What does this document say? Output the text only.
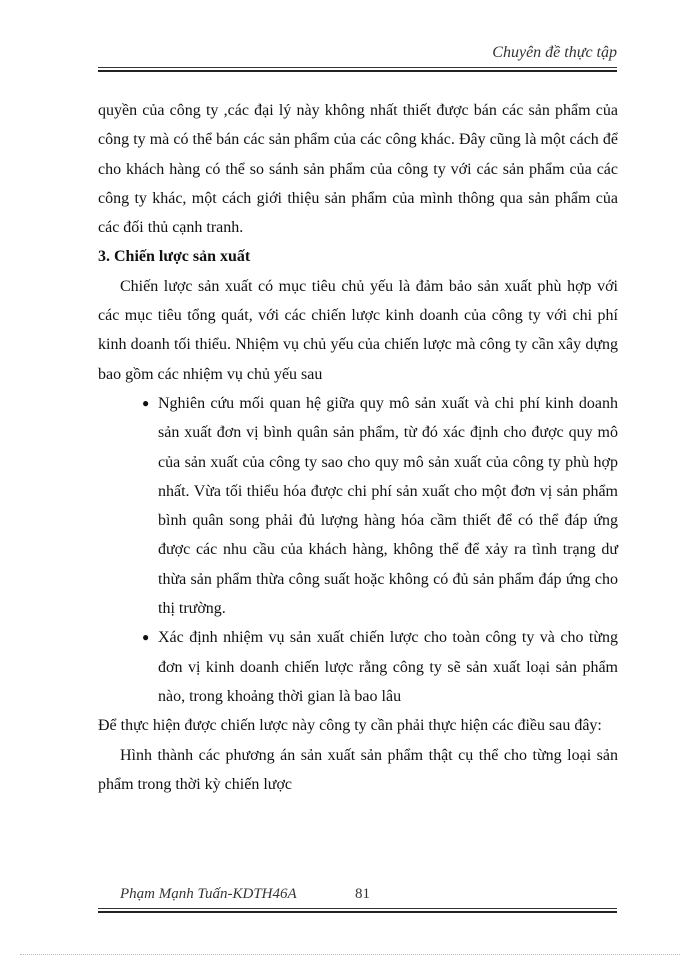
Chuyên đề thực tập

quyền của công ty ,các đại lý này không nhất thiết được bán các sản phẩm của công ty mà có thể bán các sản phẩm của các công khác. Đây cũng là một cách để cho khách hàng có thể so sánh sản phẩm của công ty với các sản phẩm của các công ty khác, một cách giới thiệu sản phẩm của mình thông qua sản phẩm của các đối thủ cạnh tranh.

3. Chiến lược sản xuất

Chiến lược sản xuất có mục tiêu chủ yếu là đảm bảo sản xuất phù hợp với các mục tiêu tổng quát, với các chiến lược kinh doanh của công ty với chi phí kinh doanh tối thiểu. Nhiệm vụ chủ yếu của chiến lược mà công ty cần xây dựng bao gồm các nhiệm vụ chủ yếu sau

● Nghiên cứu mối quan hệ giữa quy mô sản xuất và chi phí kinh doanh sản xuất đơn vị bình quân sản phẩm, từ đó xác định cho được quy mô của sản xuất của công ty sao cho quy mô sản xuất của công ty phù hợp nhất. Vừa tối thiểu hóa được chi phí sản xuất cho một đơn vị sản phẩm bình quân song phải đủ lượng hàng hóa cầm thiết để có thể đáp ứng được các nhu cầu của khách hàng, không thể để xảy ra tình trạng dư thừa sản phẩm thừa công suất hoặc không có đủ sản phẩm đáp ứng cho thị trường.
● Xác định nhiệm vụ sản xuất chiến lược cho toàn công ty và cho từng đơn vị kinh doanh chiến lược rằng công ty sẽ sản xuất loại sản phẩm nào, trong khoảng thời gian là bao lâu

Để thực hiện được chiến lược này công ty cần phải thực hiện các điều sau đây:

Hình thành các phương án sản xuất sản phẩm thật cụ thể cho từng loại sản phẩm trong thời kỳ chiến lược

Phạm Mạnh Tuấn-KDTH46A	81
